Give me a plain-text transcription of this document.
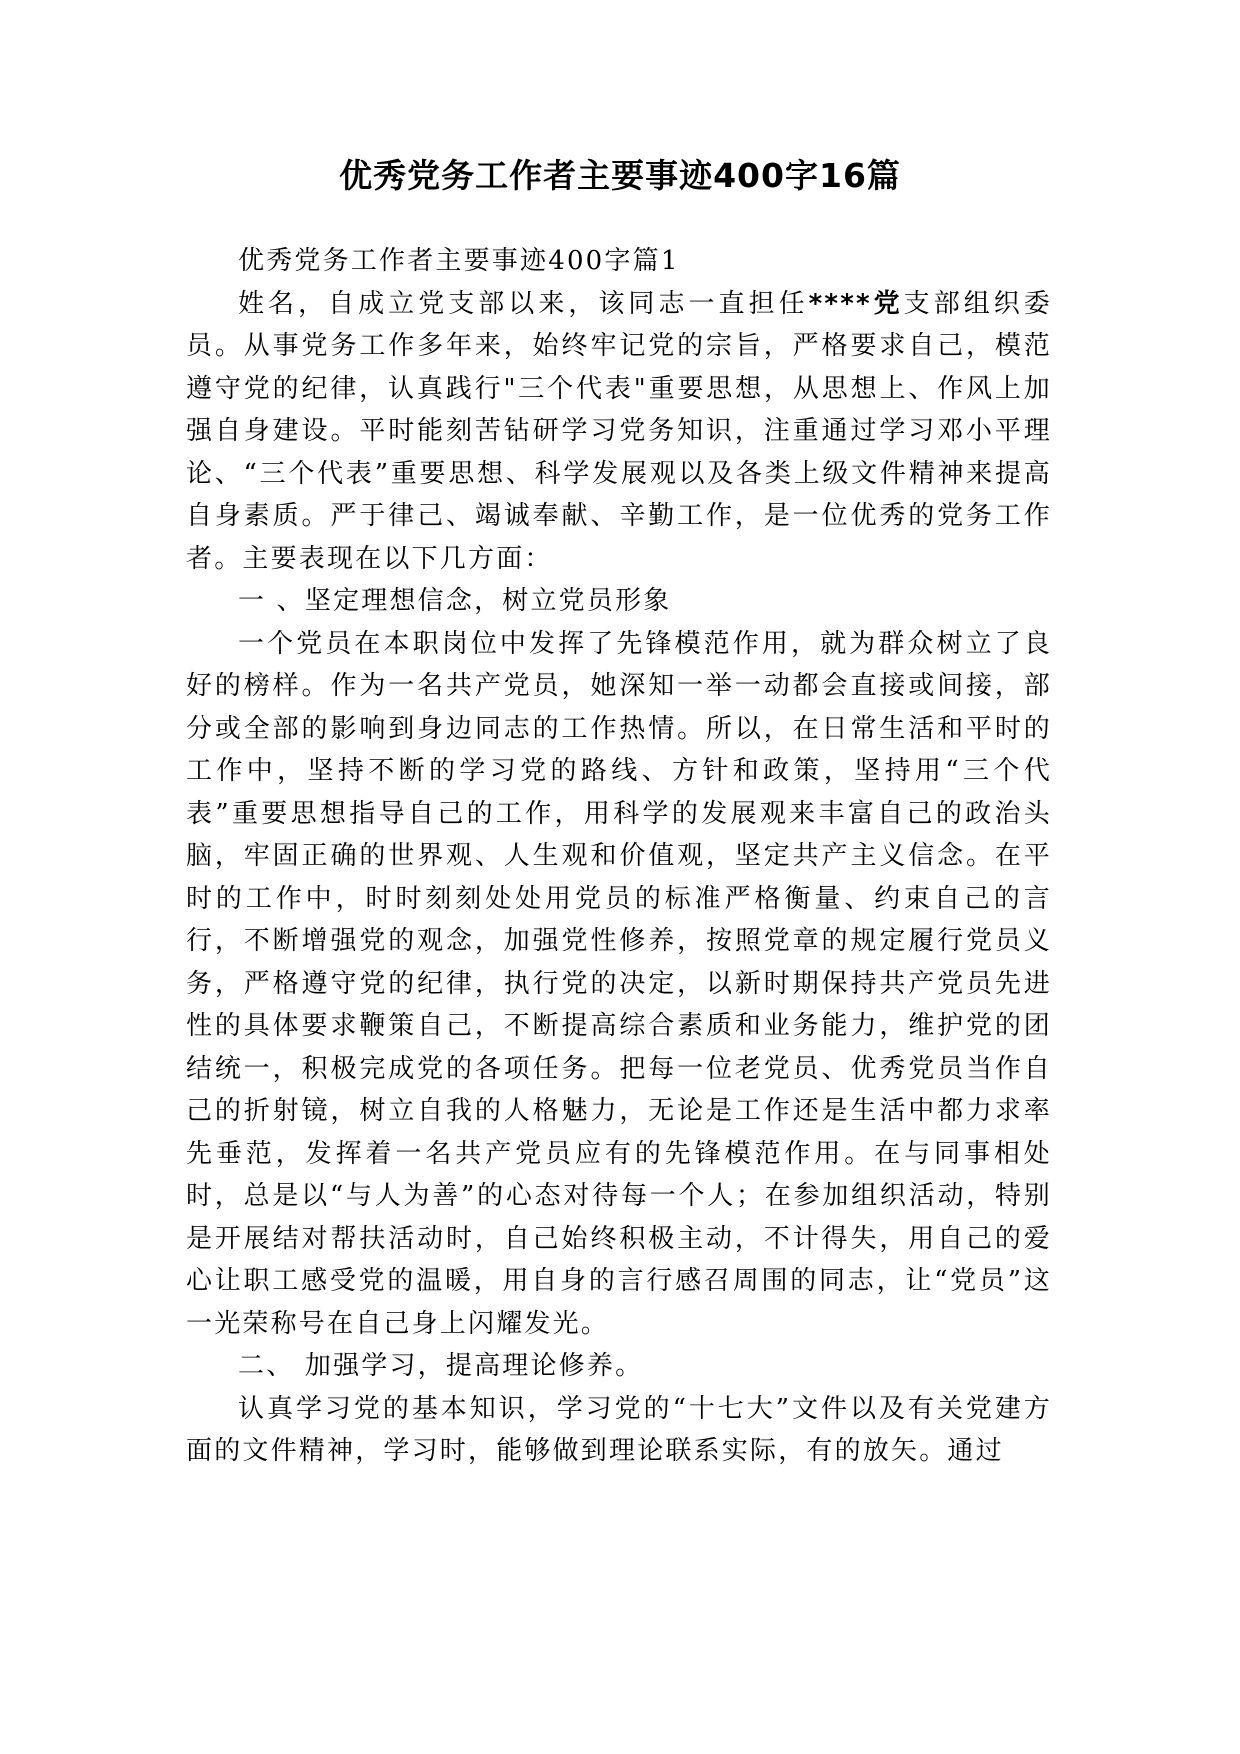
优秀党务工作者主要事迹400字16篇

优秀党务工作者主要事迹400字篇1

姓名，自成立党支部以来，该同志一直担任****党支部组织委员。从事党务工作多年来，始终牢记党的宗旨，严格要求自己，模范遵守党的纪律，认真践行"三个代表"重要思想，从思想上、作风上加强自身建设。平时能刻苦钻研学习党务知识，注重通过学习邓小平理论、“三个代表”重要思想、科学发展观以及各类上级文件精神来提高自身素质。严于律己、竭诚奉献、辛勤工作，是一位优秀的党务工作者。主要表现在以下几方面：

一 、坚定理想信念，树立党员形象

一个党员在本职岗位中发挥了先锋模范作用，就为群众树立了良好的榜样。作为一名共产党员，她深知一举一动都会直接或间接，部分或全部的影响到身边同志的工作热情。所以，在日常生活和平时的工作中，坚持不断的学习党的路线、方针和政策，坚持用“三个代表”重要思想指导自己的工作，用科学的发展观来丰富自己的政治头脑，牢固正确的世界观、人生观和价值观，坚定共产主义信念。在平时的工作中，时时刻刻处处用党员的标准严格衡量、约束自己的言行，不断增强党的观念，加强党性修养，按照党章的规定履行党员义务，严格遵守党的纪律，执行党的决定，以新时期保持共产党员先进性的具体要求鞭策自己，不断提高综合素质和业务能力，维护党的团结统一，积极完成党的各项任务。把每一位老党员、优秀党员当作自己的折射镜，树立自我的人格魅力，无论是工作还是生活中都力求率先垂范，发挥着一名共产党员应有的先锋模范作用。在与同事相处时，总是以“与人为善”的心态对待每一个人；在参加组织活动，特别是开展结对帮扶活动时，自己始终积极主动，不计得失，用自己的爱心让职工感受党的温暖，用自身的言行感召周围的同志，让“党员”这一光荣称号在自己身上闪耀发光。

二、 加强学习，提高理论修养。

认真学习党的基本知识，学习党的“十七大”文件以及有关党建方面的文件精神，学习时，能够做到理论联系实际，有的放矢。通过
